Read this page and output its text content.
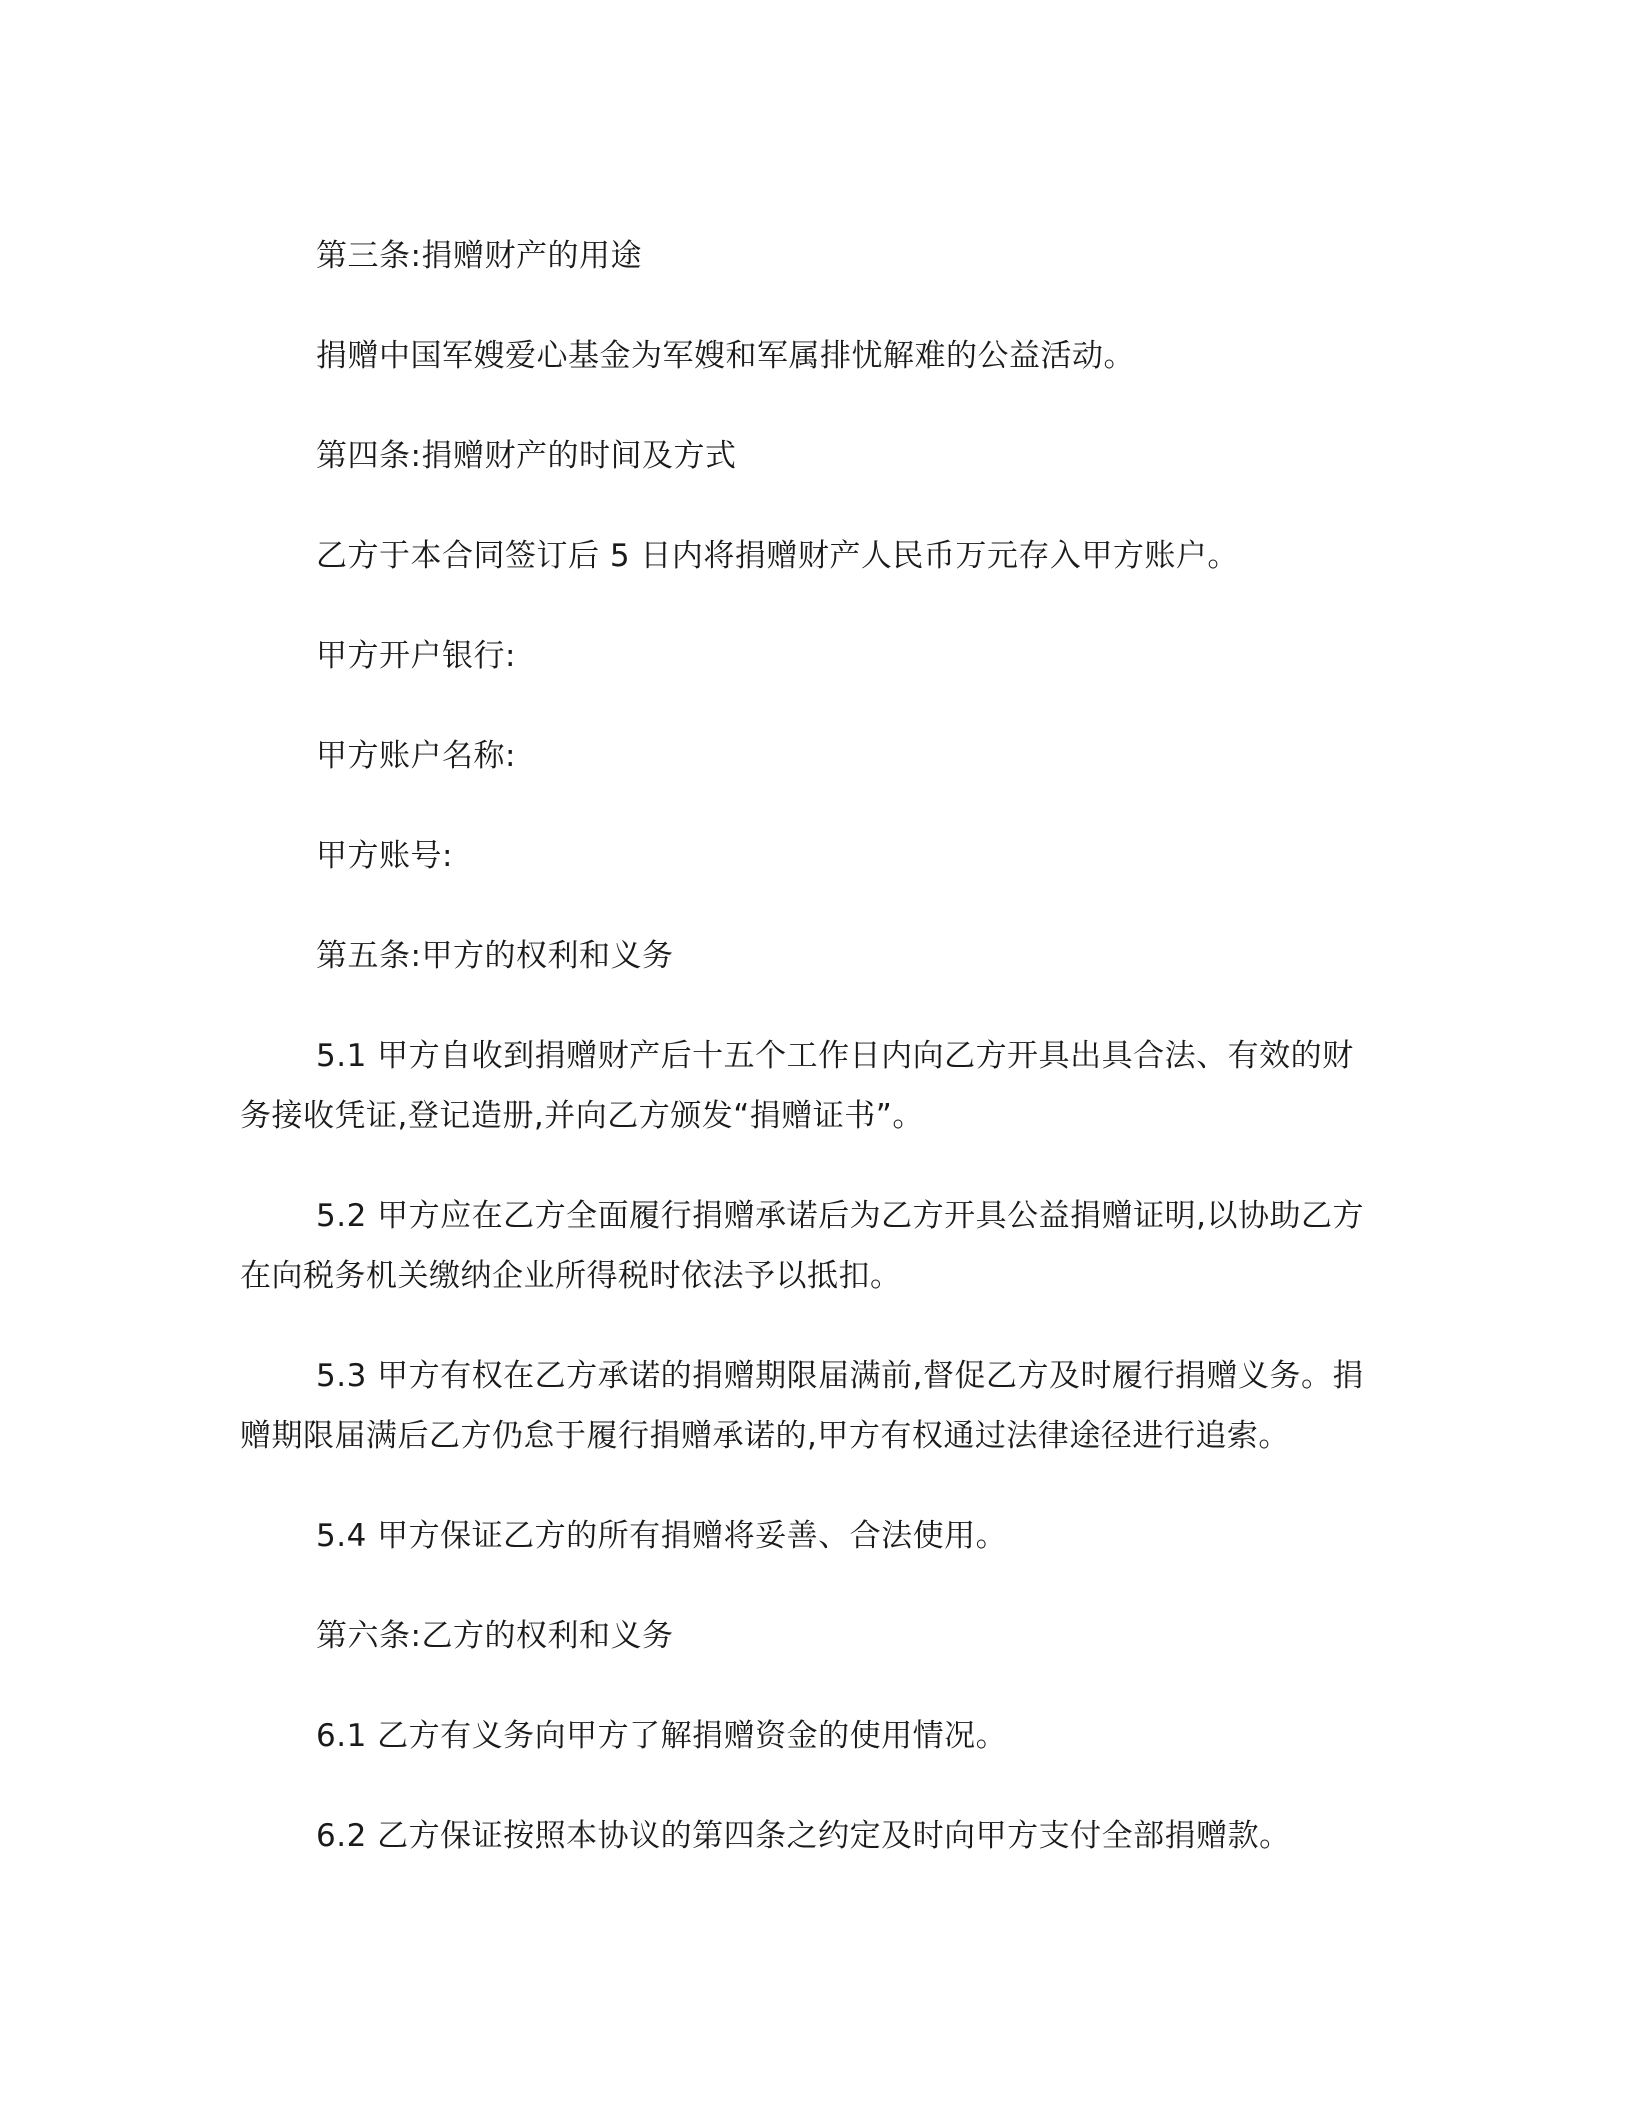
第三条:捐赠财产的用途
捐赠中国军嫂爱心基金为军嫂和军属排忧解难的公益活动。
第四条:捐赠财产的时间及方式
乙方于本合同签订后 5 日内将捐赠财产人民币万元存入甲方账户。
甲方开户银行:
甲方账户名称:
甲方账号:
第五条:甲方的权利和义务
5.1 甲方自收到捐赠财产后十五个工作日内向乙方开具出具合法、有效的财
务接收凭证,登记造册,并向乙方颁发“捐赠证书”。
5.2 甲方应在乙方全面履行捐赠承诺后为乙方开具公益捐赠证明,以协助乙方
在向税务机关缴纳企业所得税时依法予以抵扣。
5.3 甲方有权在乙方承诺的捐赠期限届满前,督促乙方及时履行捐赠义务。捐
赠期限届满后乙方仍怠于履行捐赠承诺的,甲方有权通过法律途径进行追索。
5.4 甲方保证乙方的所有捐赠将妥善、合法使用。
第六条:乙方的权利和义务
6.1 乙方有义务向甲方了解捐赠资金的使用情况。
6.2 乙方保证按照本协议的第四条之约定及时向甲方支付全部捐赠款。
